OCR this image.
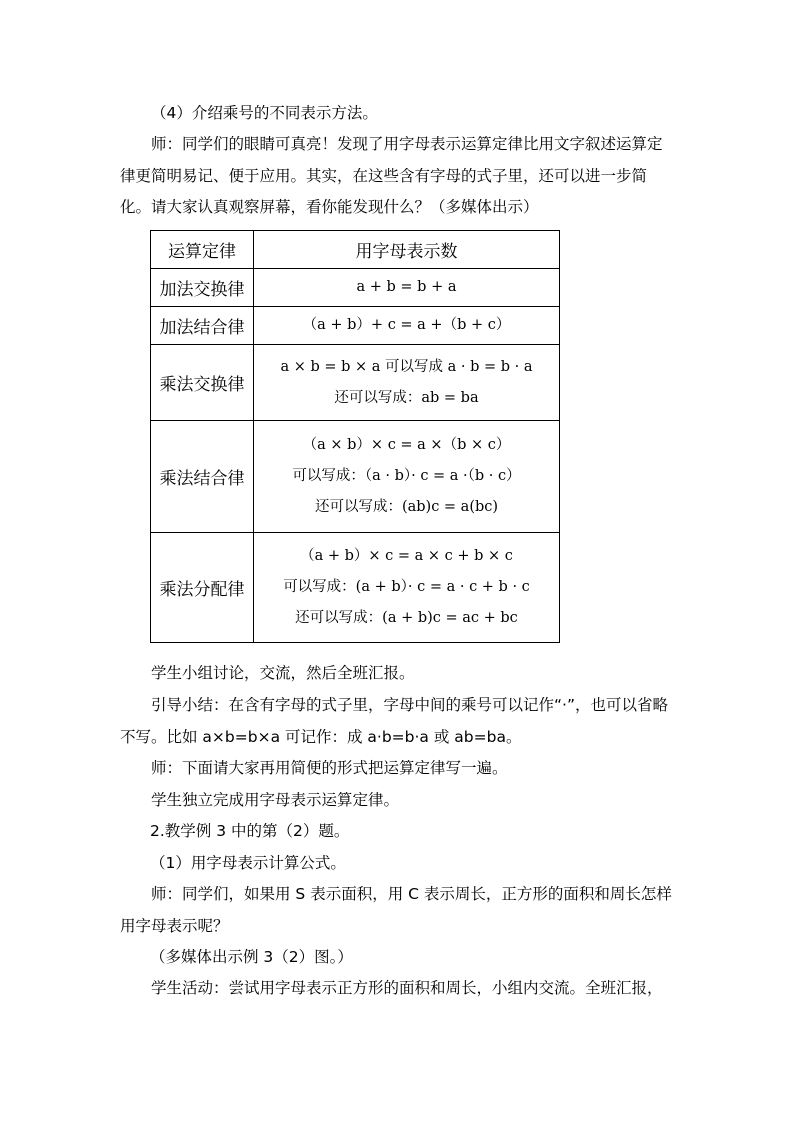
（4）介绍乘号的不同表示方法。
师：同学们的眼睛可真亮！发现了用字母表示运算定律比用文字叙述运算定律更简明易记、便于应用。其实，在这些含有字母的式子里，还可以进一步简化。请大家认真观察屏幕，看你能发现什么？（多媒体出示）
运算定律	用字母表示数
加法交换律	a + b = b + a

加法结合律	（a + b）+ c = a +（b + c）

乘法交换律	a × b = b × a 可以写成 a · b = b · a
还可以写成：ab = ba

乘法结合律	（a × b）× c = a ×（b × c）
可以写成：（a · b）· c = a ·（b · c）
还可以写成：(ab)c = a(bc)

乘法分配律	（a + b）× c = a × c + b × c
可以写成：(a + b）· c = a · c + b · c
还可以写成：(a + b)c = ac + bc
学生小组讨论，交流，然后全班汇报。
引导小结：在含有字母的式子里，字母中间的乘号可以记作“·”，也可以省略不写。比如 a×b=b×a 可记作：成 a·b=b·a 或 ab=ba。
师：下面请大家再用简便的形式把运算定律写一遍。
学生独立完成用字母表示运算定律。
2.教学例 3 中的第（2）题。
（1）用字母表示计算公式。
师：同学们，如果用 S 表示面积，用 C 表示周长，正方形的面积和周长怎样用字母表示呢？
（多媒体出示例 3（2）图。）
学生活动：尝试用字母表示正方形的面积和周长，小组内交流。全班汇报，
